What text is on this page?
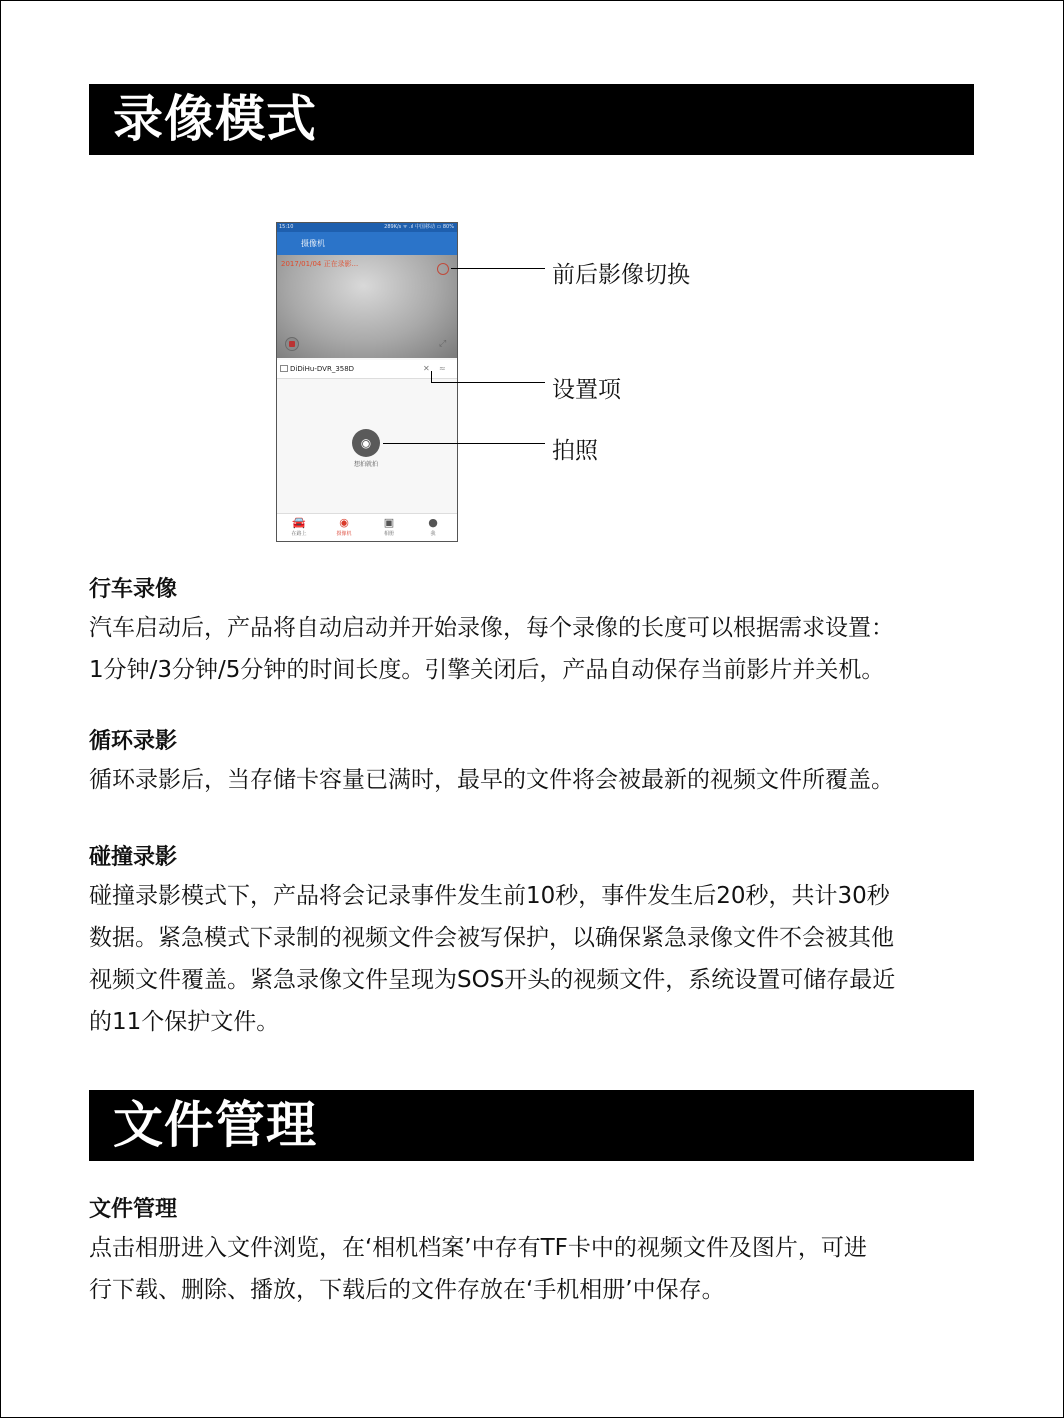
录像模式
15:10	289K/s ᯤ .ıl 中国移动 ▭ 80%
摄像机
2017/01/04 正在录影...
⤢
DiDiHu-DVR_358D	✕ ≈
◉
想拍就拍
🚘
在路上
◉
摄像机
▣
相册
●
我
前后影像切换
设置项
拍照
行车录像

汽车启动后，产品将自动启动并开始录像，每个录像的长度可以根据需求设置：

1分钟/3分钟/5分钟的时间长度。引擎关闭后，产品自动保存当前影片并关机。

循环录影

循环录影后，当存储卡容量已满时，最早的文件将会被最新的视频文件所覆盖。

碰撞录影

碰撞录影模式下，产品将会记录事件发生前10秒，事件发生后20秒，共计30秒

数据。紧急模式下录制的视频文件会被写保护，以确保紧急录像文件不会被其他

视频文件覆盖。紧急录像文件呈现为SOS开头的视频文件，系统设置可储存最近

的11个保护文件。

文件管理
文件管理

点击相册进入文件浏览，在‘相机档案’中存有TF卡中的视频文件及图片，可进

行下载、删除、播放，下载后的文件存放在‘手机相册’中保存。
